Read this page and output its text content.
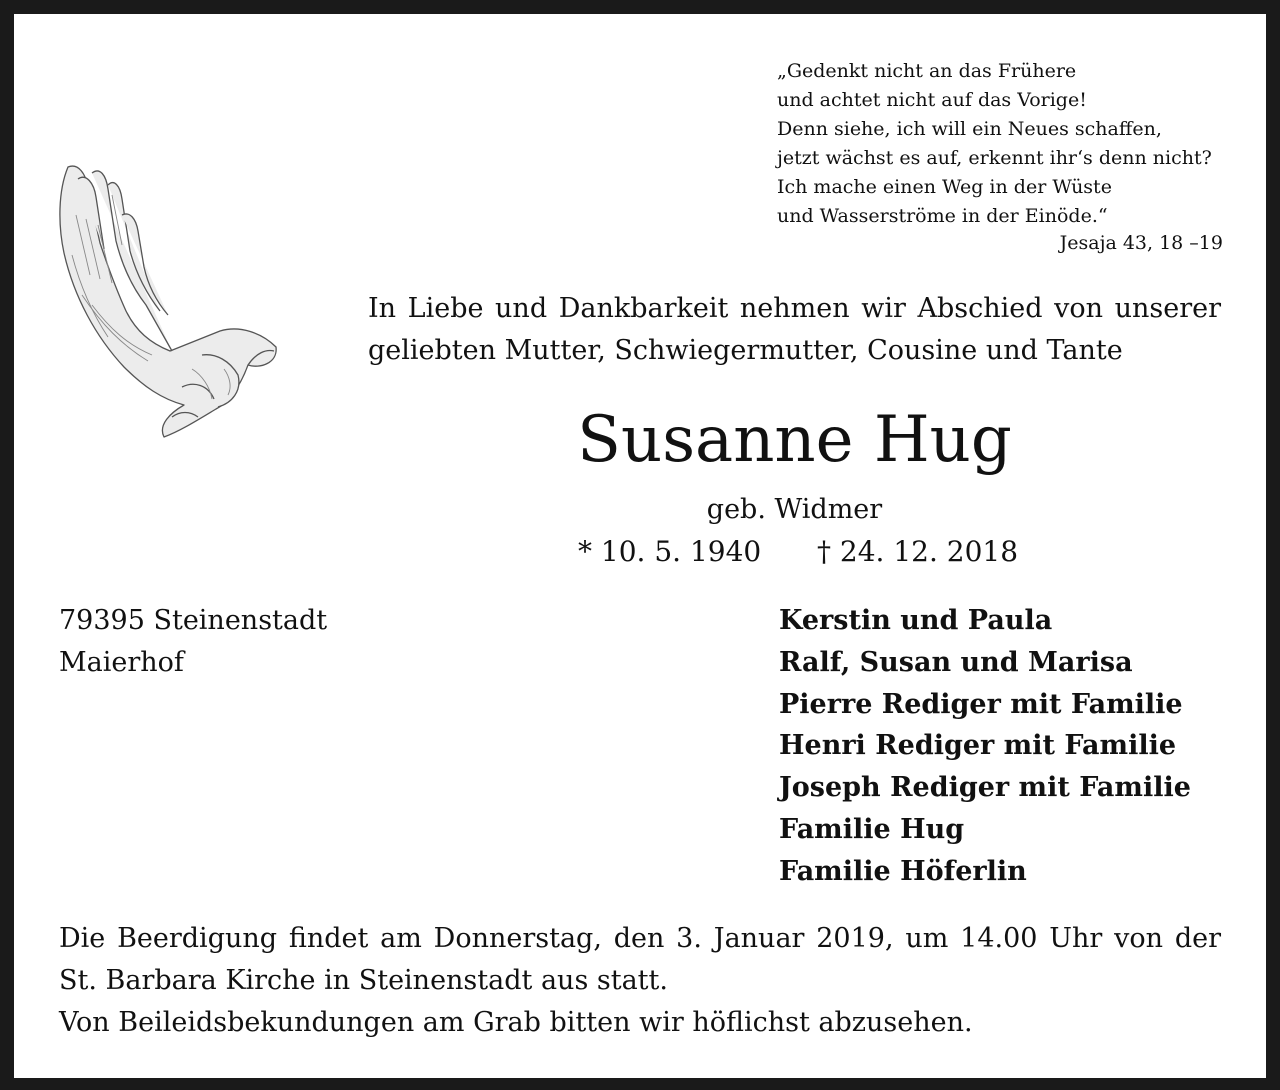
„Gedenkt nicht an das Frühere
und achtet nicht auf das Vorige!
Denn siehe, ich will ein Neues schaffen,
jetzt wächst es auf, erkennt ihr‘s denn nicht?
Ich mache einen Weg in der Wüste
und Wasserströme in der Einöde.“
Jesaja 43, 18 –19
In Liebe und Dankbarkeit nehmen wir Abschied von unserer
geliebten Mutter, Schwiegermutter, Cousine und Tante
Susanne Hug
geb. Widmer
* 10. 5. 1940 † 24. 12. 2018
79395 Steinenstadt
Maierhof
Kerstin und Paula
Ralf, Susan und Marisa
Pierre Rediger mit Familie
Henri Rediger mit Familie
Joseph Rediger mit Familie
Familie Hug
Familie Höferlin
Die Beerdigung findet am Donnerstag, den 3. Januar 2019, um 14.00 Uhr von der
St. Barbara Kirche in Steinenstadt aus statt.
Von Beileidsbekundungen am Grab bitten wir höflichst abzusehen.
